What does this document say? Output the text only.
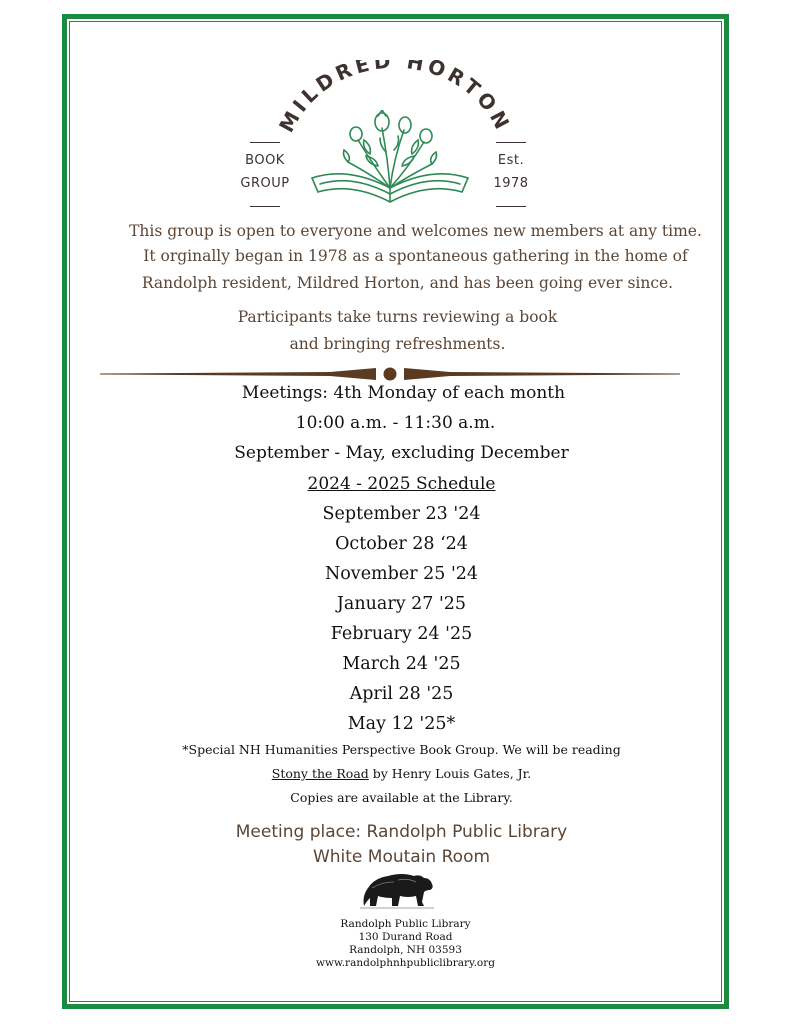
MILDRED HORTON
BOOK
GROUP
Est.
1978
This group is open to everyone and welcomes new members at any time.
It orginally began in 1978 as a spontaneous gathering in the home of
Randolph resident, Mildred Horton, and has been going ever since.
Participants take turns reviewing a book
and bringing refreshments.
Meetings: 4th Monday of each month
10:00 a.m. - 11:30 a.m.
September - May, excluding December
2024 - 2025 Schedule
September 23 '24
October 28 ‘24
November 25 '24
January 27 '25
February 24 '25
March 24 '25
April 28 '25
May 12 '25*
*Special NH Humanities Perspective Book Group. We will be reading
Stony the Road by Henry Louis Gates, Jr.
Copies are available at the Library.
Meeting place: Randolph Public Library
White Moutain Room
Randolph Public Library
130 Durand Road
Randolph, NH 03593
www.randolphnhpubliclibrary.org
